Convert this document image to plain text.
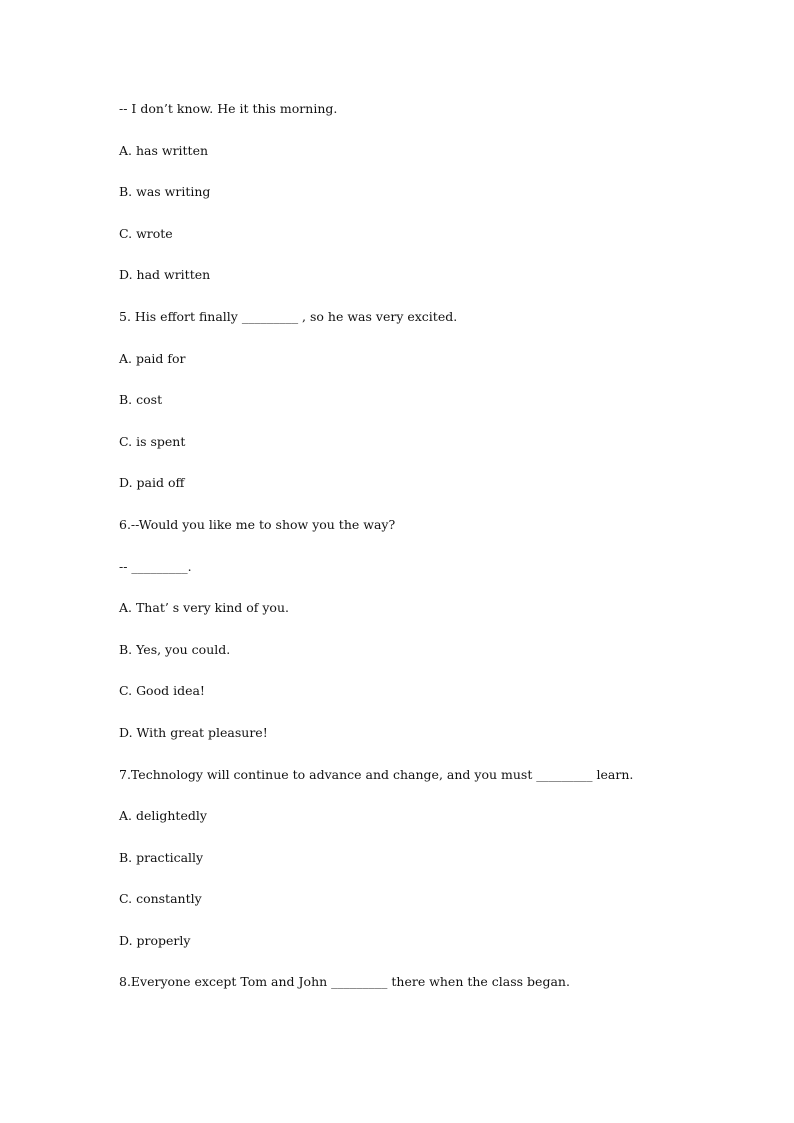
-- I don’t know. He it this morning.
A. has written
B. was writing
C. wrote
D. had written
5. His effort finally _________ , so he was very excited.
A. paid for
B. cost
C. is spent
D. paid off
6.--Would you like me to show you the way?
-- _________.
A. That’ s very kind of you.
B. Yes, you could.
C. Good idea!
D. With great pleasure!
7.Technology will continue to advance and change, and you must _________ learn.
A. delightedly
B. practically
C. constantly
D. properly
8.Everyone except Tom and John _________ there when the class began.
